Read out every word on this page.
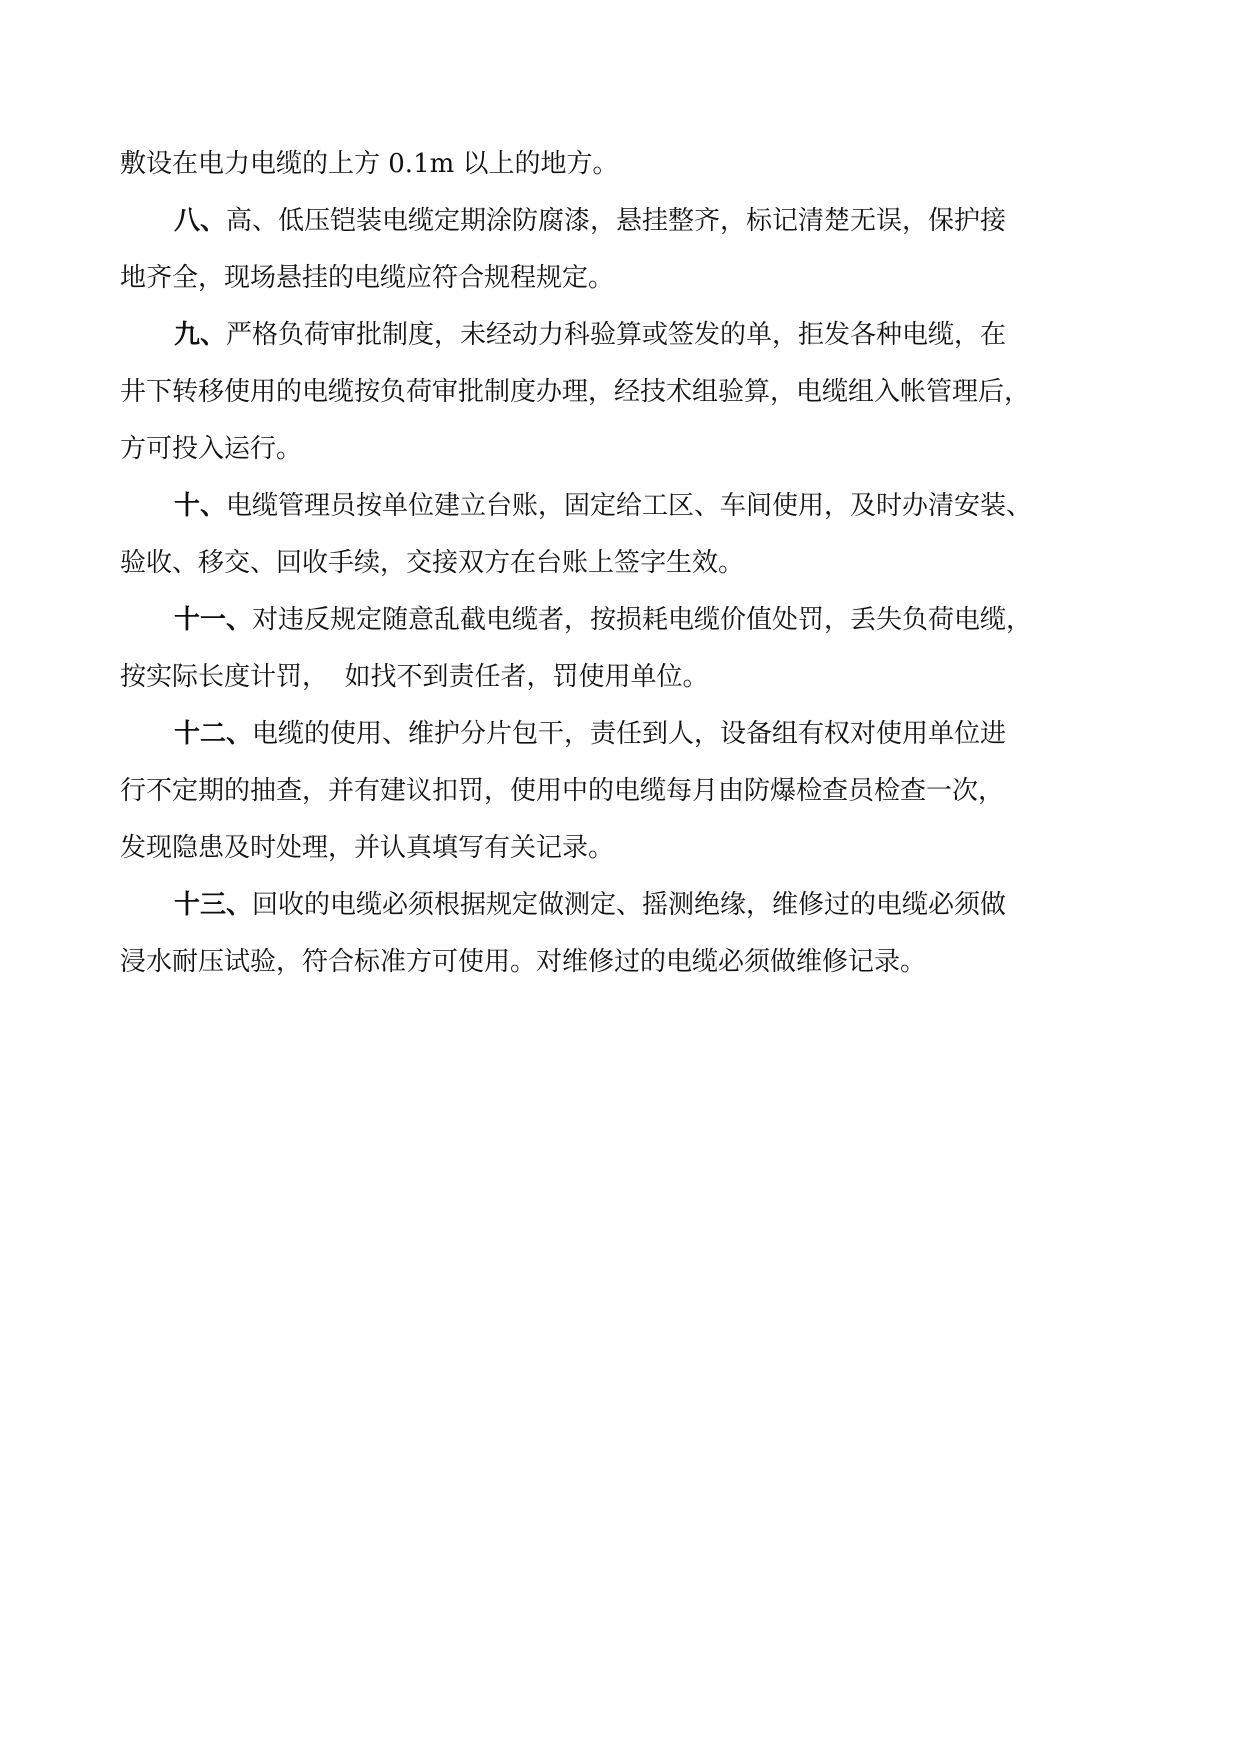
敷设在电力电缆的上方 0.1m 以上的地方。

八、高、低压铠装电缆定期涂防腐漆，悬挂整齐，标记清楚无误，保护接

地齐全，现场悬挂的电缆应符合规程规定。

九、严格负荷审批制度，未经动力科验算或签发的单，拒发各种电缆，在

井下转移使用的电缆按负荷审批制度办理，经技术组验算，电缆组入帐管理后，

方可投入运行。

十、电缆管理员按单位建立台账，固定给工区、车间使用，及时办清安装、

验收、移交、回收手续，交接双方在台账上签字生效。

十一、对违反规定随意乱截电缆者，按损耗电缆价值处罚，丢失负荷电缆，

按实际长度计罚，  如找不到责任者，罚使用单位。

十二、电缆的使用、维护分片包干，责任到人，设备组有权对使用单位进

行不定期的抽查，并有建议扣罚，使用中的电缆每月由防爆检查员检查一次，

发现隐患及时处理，并认真填写有关记录。

十三、回收的电缆必须根据规定做测定、摇测绝缘，维修过的电缆必须做

浸水耐压试验，符合标准方可使用。对维修过的电缆必须做维修记录。
